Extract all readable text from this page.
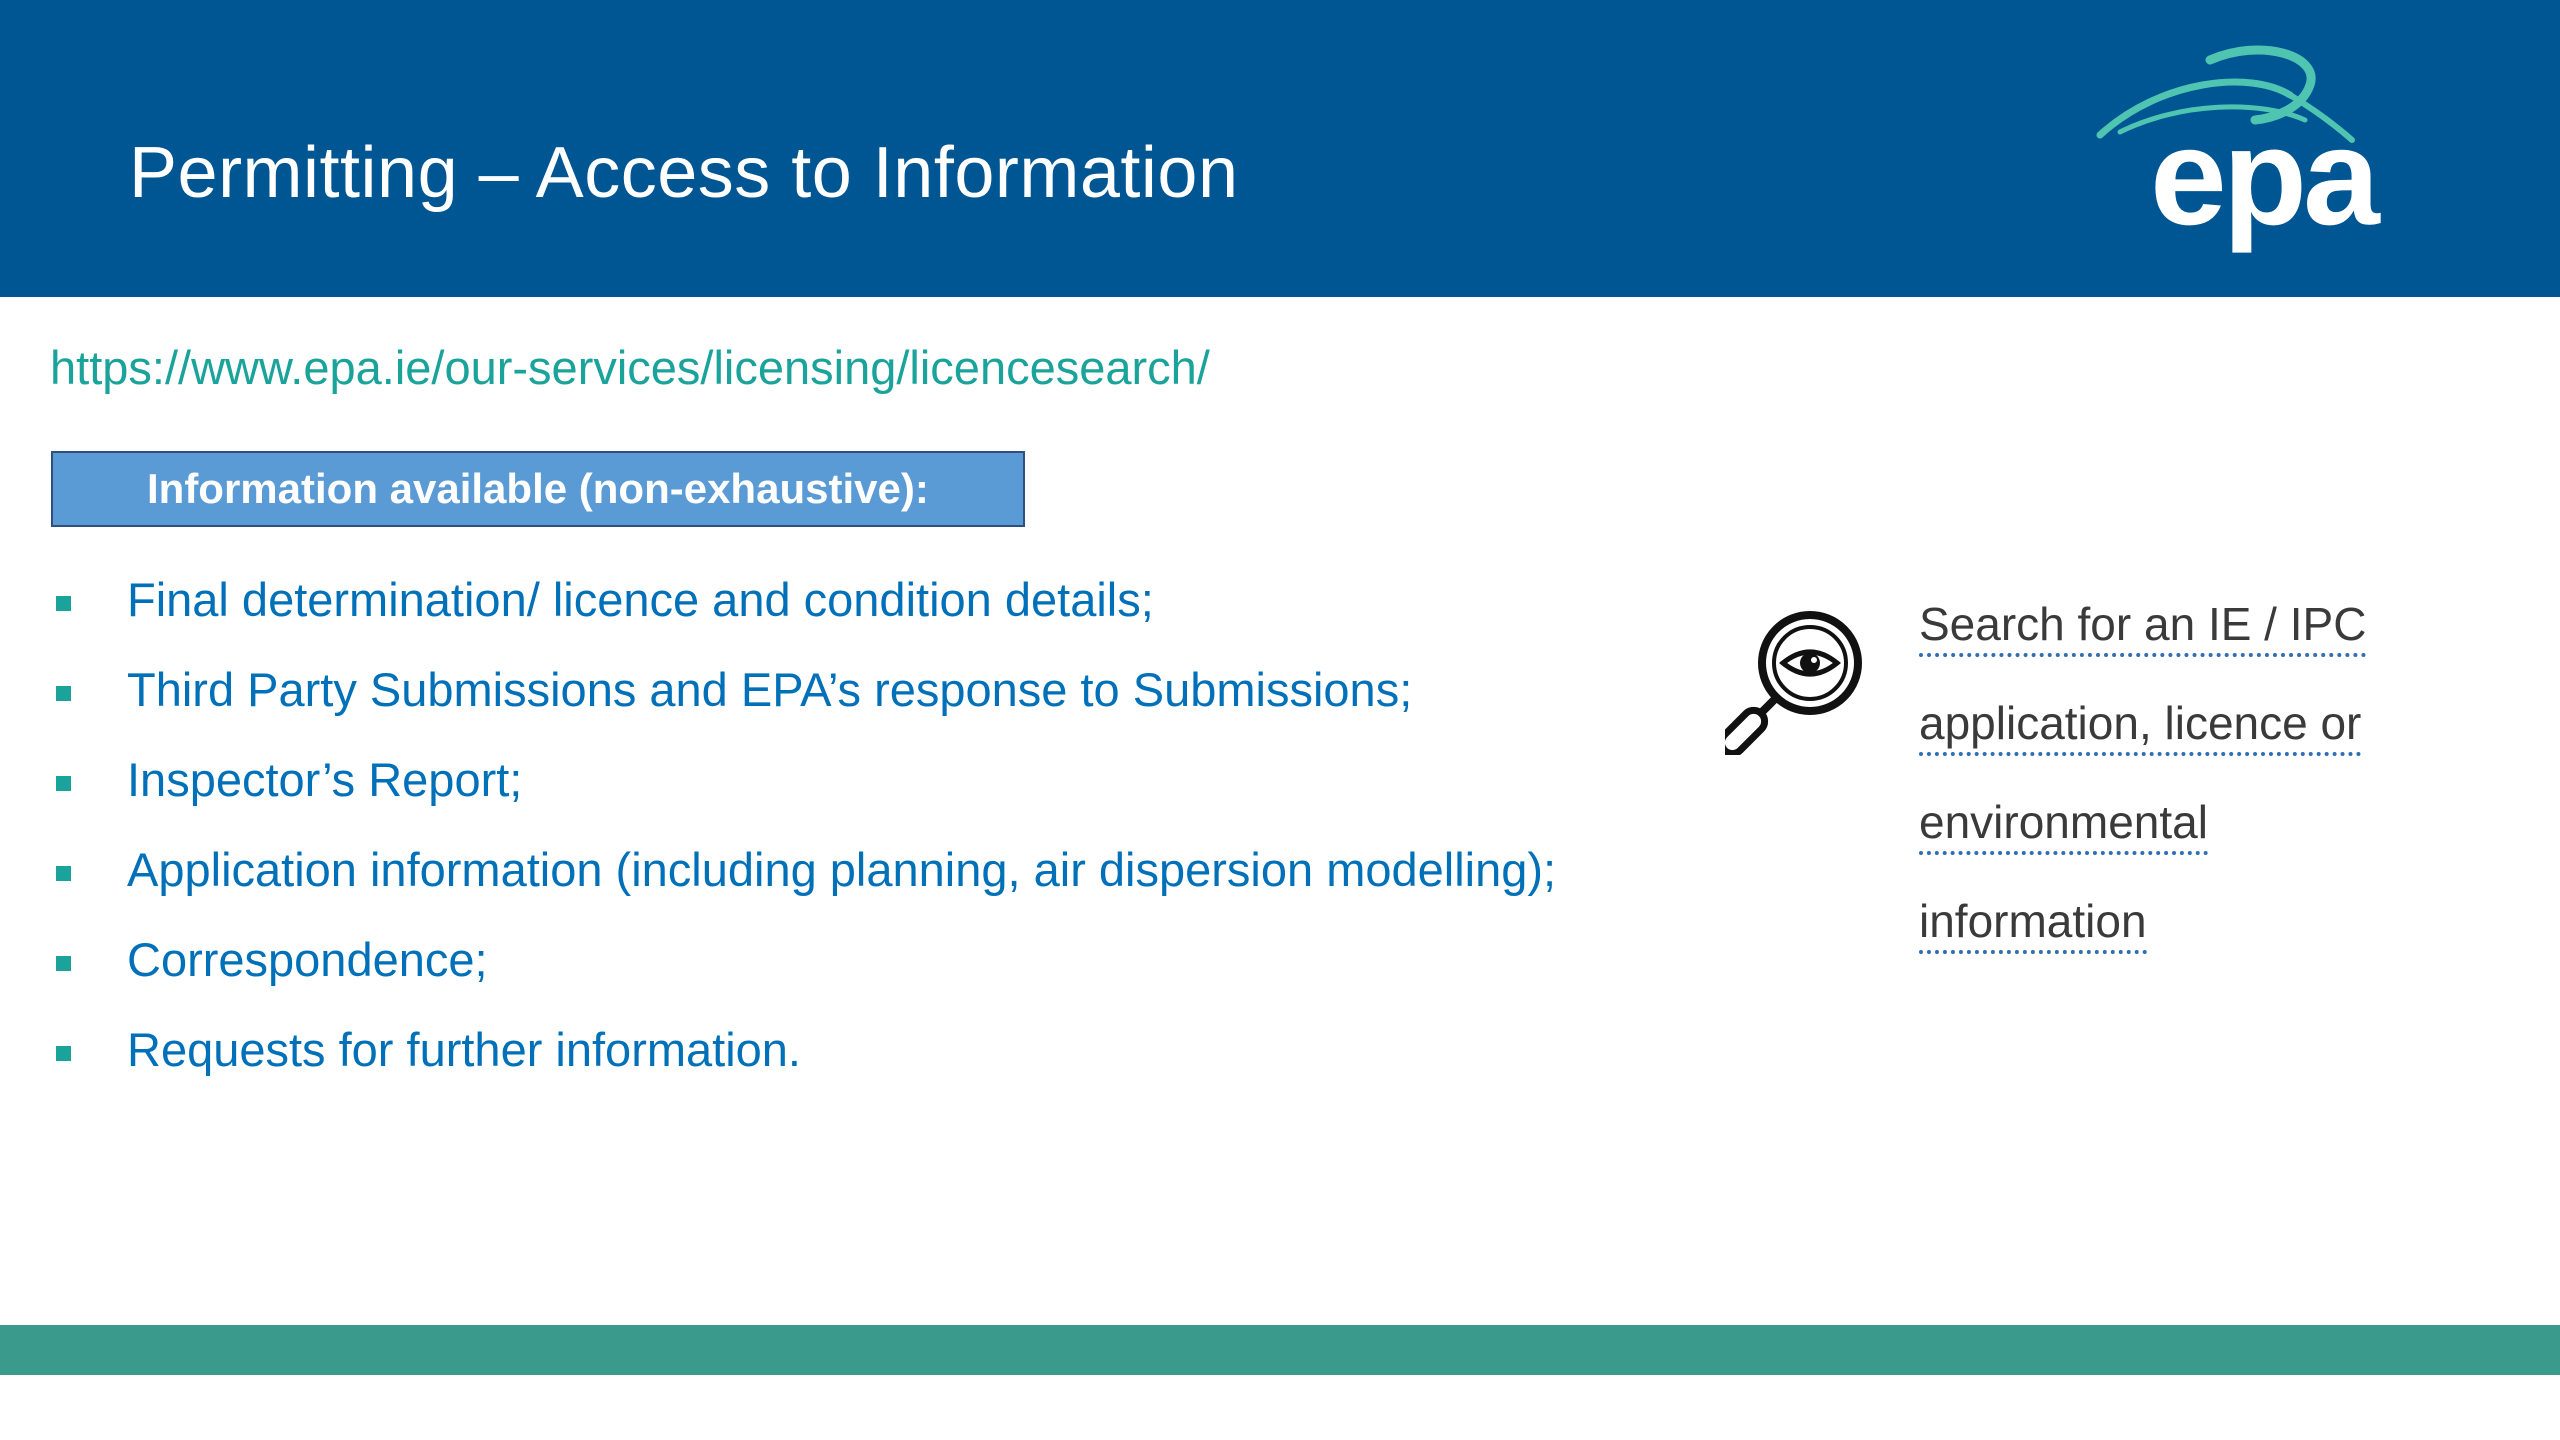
Permitting – Access to Information	epa
https://www.epa.ie/our-services/licensing/licencesearch/
Information available (non-exhaustive):
Final determination/ licence and condition details;
Third Party Submissions and EPA’s response to Submissions;
Inspector’s Report;
Application information (including planning, air dispersion modelling);
Correspondence;
Requests for further information.
Search for an IE / IPC
application, licence or
environmental
information
